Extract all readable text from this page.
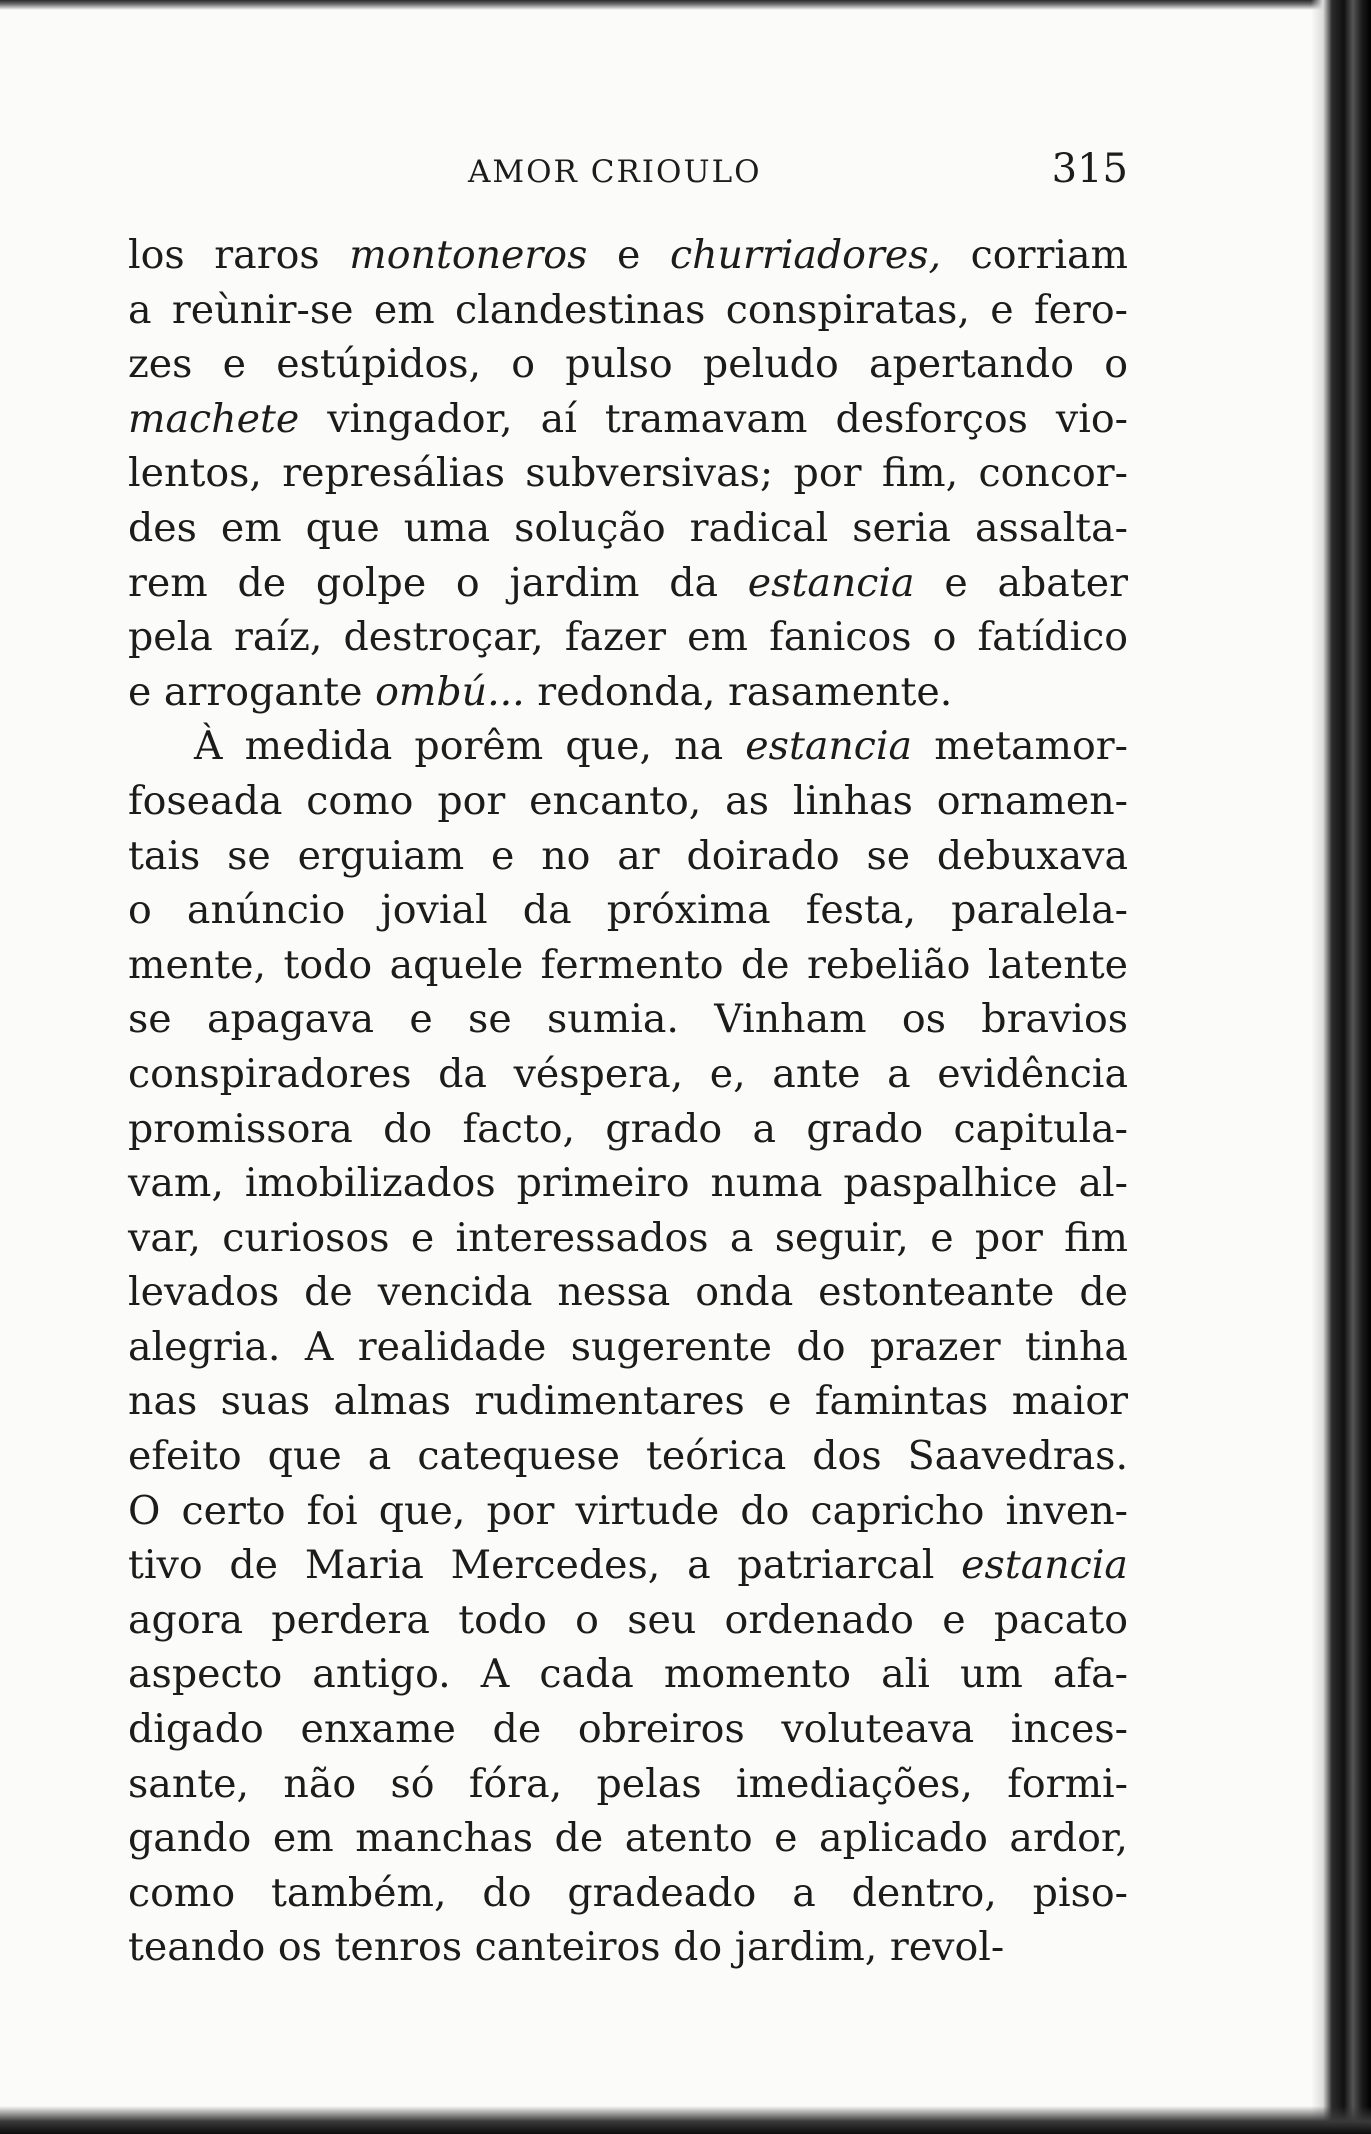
AMOR CRIOULO	315
los raros montoneros e churriadores, corriam
a reùnir-se em clandestinas conspiratas, e fero-
zes e estúpidos, o pulso peludo apertando o
machete vingador, aí tramavam desforços vio-
lentos, represálias subversivas; por fim, concor-
des em que uma solução radical seria assalta-
rem de golpe o jardim da estancia e abater
pela raíz, destroçar, fazer em fanicos o fatídico
e arrogante ombú... redonda, rasamente.
À medida porêm que, na estancia metamor-
foseada como por encanto, as linhas ornamen-
tais se erguiam e no ar doirado se debuxava
o anúncio jovial da próxima festa, paralela-
mente, todo aquele fermento de rebelião latente
se apagava e se sumia. Vinham os bravios
conspiradores da véspera, e, ante a evidência
promissora do facto, grado a grado capitula-
vam, imobilizados primeiro numa paspalhice al-
var, curiosos e interessados a seguir, e por fim
levados de vencida nessa onda estonteante de
alegria. A realidade sugerente do prazer tinha
nas suas almas rudimentares e famintas maior
efeito que a catequese teórica dos Saavedras.
O certo foi que, por virtude do capricho inven-
tivo de Maria Mercedes, a patriarcal estancia
agora perdera todo o seu ordenado e pacato
aspecto antigo. A cada momento ali um afa-
digado enxame de obreiros voluteava inces-
sante, não só fóra, pelas imediações, formi-
gando em manchas de atento e aplicado ardor,
como também, do gradeado a dentro, piso-
teando os tenros canteiros do jardim, revol-
